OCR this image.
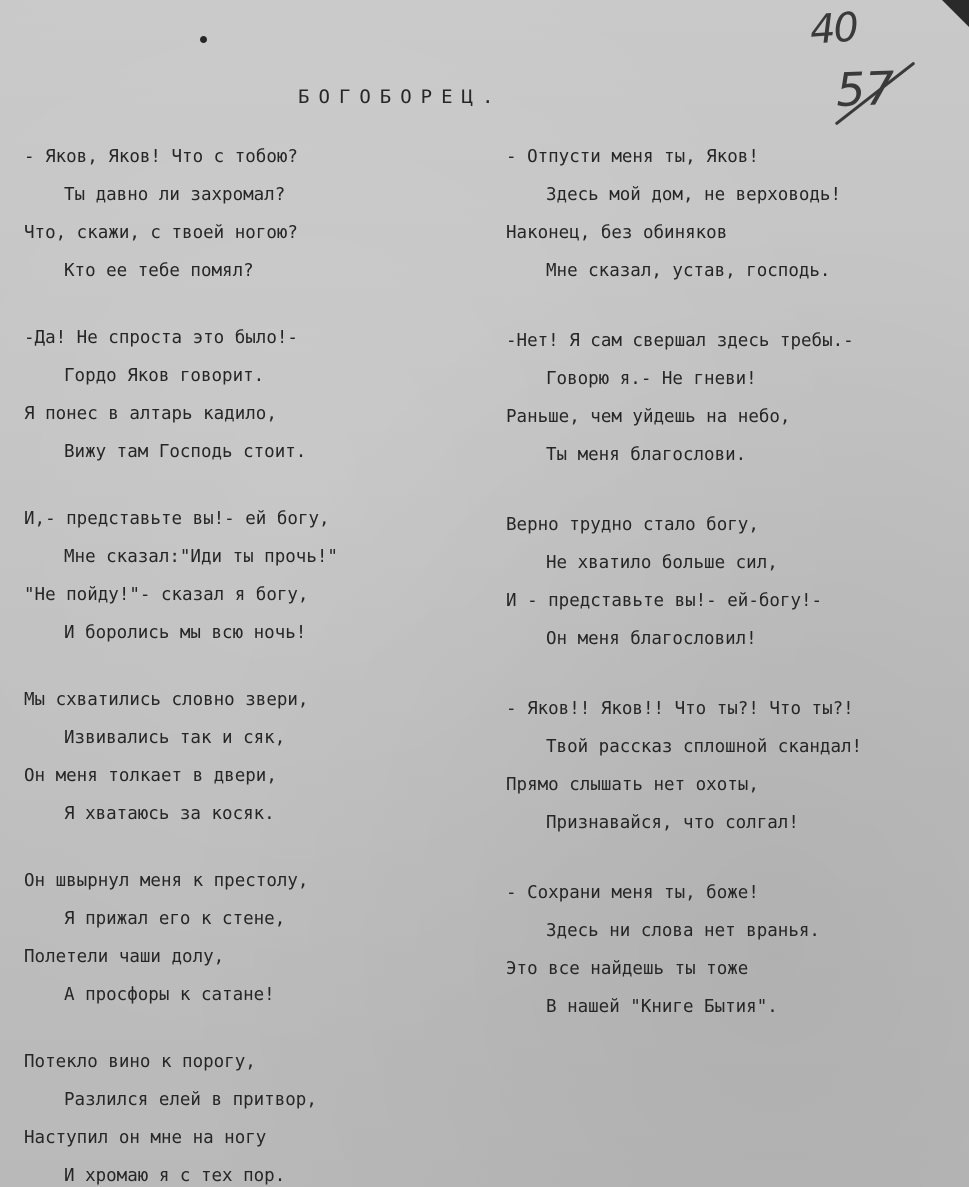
40
57
БОГОБОРЕЦ.
- Яков, Яков! Что с тобою?
Ты давно ли захромал?
Что, скажи, с твоей ногою?
Кто ее тебе помял?
-Да! Не спроста это было!-
Гордо Яков говорит.
Я понес в алтарь кадило,
Вижу там Господь стоит.
И,- представьте вы!- ей богу,
Мне сказал:"Иди ты прочь!"
"Не пойду!"- сказал я богу,
И боролись мы всю ночь!
Мы схватились словно звери,
Извивались так и сяк,
Он меня толкает в двери,
Я хватаюсь за косяк.
Он швырнул меня к престолу,
Я прижал его к стене,
Полетели чаши долу,
А просфоры к сатане!
Потекло вино к порогу,
Разлился елей в притвор,
Наступил он мне на ногу
И хромаю я с тех пор.
- Отпусти меня ты, Яков!
Здесь мой дом, не верховодь!
Наконец, без обиняков
Мне сказал, устав, господь.
-Нет! Я сам свершал здесь требы.-
Говорю я.- Не гневи!
Раньше, чем уйдешь на небо,
Ты меня благослови.
Верно трудно стало богу,
Не хватило больше сил,
И - представьте вы!- ей-богу!-
Он меня благословил!
- Яков!! Яков!! Что ты?! Что ты?!
Твой рассказ сплошной скандал!
Прямо слышать нет охоты,
Признавайся, что солгал!
- Сохрани меня ты, боже!
Здесь ни слова нет вранья.
Это все найдешь ты тоже
В нашей "Книге Бытия".
